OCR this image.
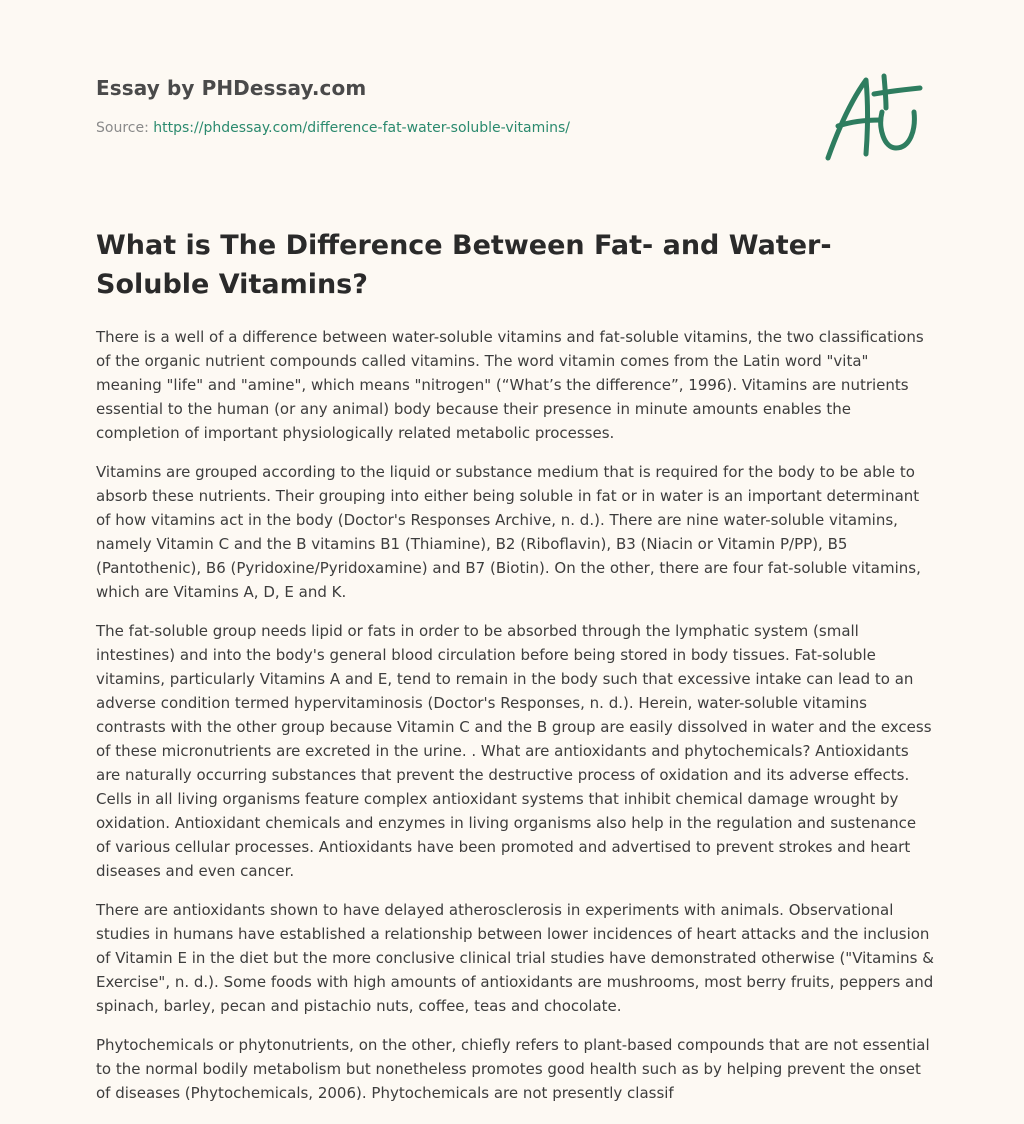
Essay by PHDessay.com
Source: https://phdessay.com/difference-fat-water-soluble-vitamins/
What is The Difference Between Fat- and Water-Soluble Vitamins?

There is a well of a difference between water-soluble vitamins and fat-soluble vitamins, the two classifications of the organic nutrient compounds called vitamins. The word vitamin comes from the Latin word "vita" meaning "life" and "amine", which means "nitrogen" (“What’s the difference”, 1996). Vitamins are nutrients essential to the human (or any animal) body because their presence in minute amounts enables the completion of important physiologically related metabolic processes.

Vitamins are grouped according to the liquid or substance medium that is required for the body to be able to absorb these nutrients. Their grouping into either being soluble in fat or in water is an important determinant of how vitamins act in the body (Doctor's Responses Archive, n. d.). There are nine water-soluble vitamins, namely Vitamin C and the B vitamins B1 (Thiamine), B2 (Riboflavin), B3 (Niacin or Vitamin P/PP), B5 (Pantothenic), B6 (Pyridoxine/Pyridoxamine) and B7 (Biotin). On the other, there are four fat-soluble vitamins, which are Vitamins A, D, E and K.

The fat-soluble group needs lipid or fats in order to be absorbed through the lymphatic system (small intestines) and into the body's general blood circulation before being stored in body tissues. Fat-soluble vitamins, particularly Vitamins A and E, tend to remain in the body such that excessive intake can lead to an adverse condition termed hypervitaminosis (Doctor's Responses, n. d.). Herein, water-soluble vitamins contrasts with the other group because Vitamin C and the B group are easily dissolved in water and the excess of these micronutrients are excreted in the urine. . What are antioxidants and phytochemicals? Antioxidants are naturally occurring substances that prevent the destructive process of oxidation and its adverse effects. Cells in all living organisms feature complex antioxidant systems that inhibit chemical damage wrought by oxidation. Antioxidant chemicals and enzymes in living organisms also help in the regulation and sustenance of various cellular processes. Antioxidants have been promoted and advertised to prevent strokes and heart diseases and even cancer.

There are antioxidants shown to have delayed atherosclerosis in experiments with animals. Observational studies in humans have established a relationship between lower incidences of heart attacks and the inclusion of Vitamin E in the diet but the more conclusive clinical trial studies have demonstrated otherwise ("Vitamins & Exercise", n. d.). Some foods with high amounts of antioxidants are mushrooms, most berry fruits, peppers and spinach, barley, pecan and pistachio nuts, coffee, teas and chocolate.

Phytochemicals or phytonutrients, on the other, chiefly refers to plant-based compounds that are not essential to the normal bodily metabolism but nonetheless promotes good health such as by helping prevent the onset of diseases (Phytochemicals, 2006). Phytochemicals are not presently classif
